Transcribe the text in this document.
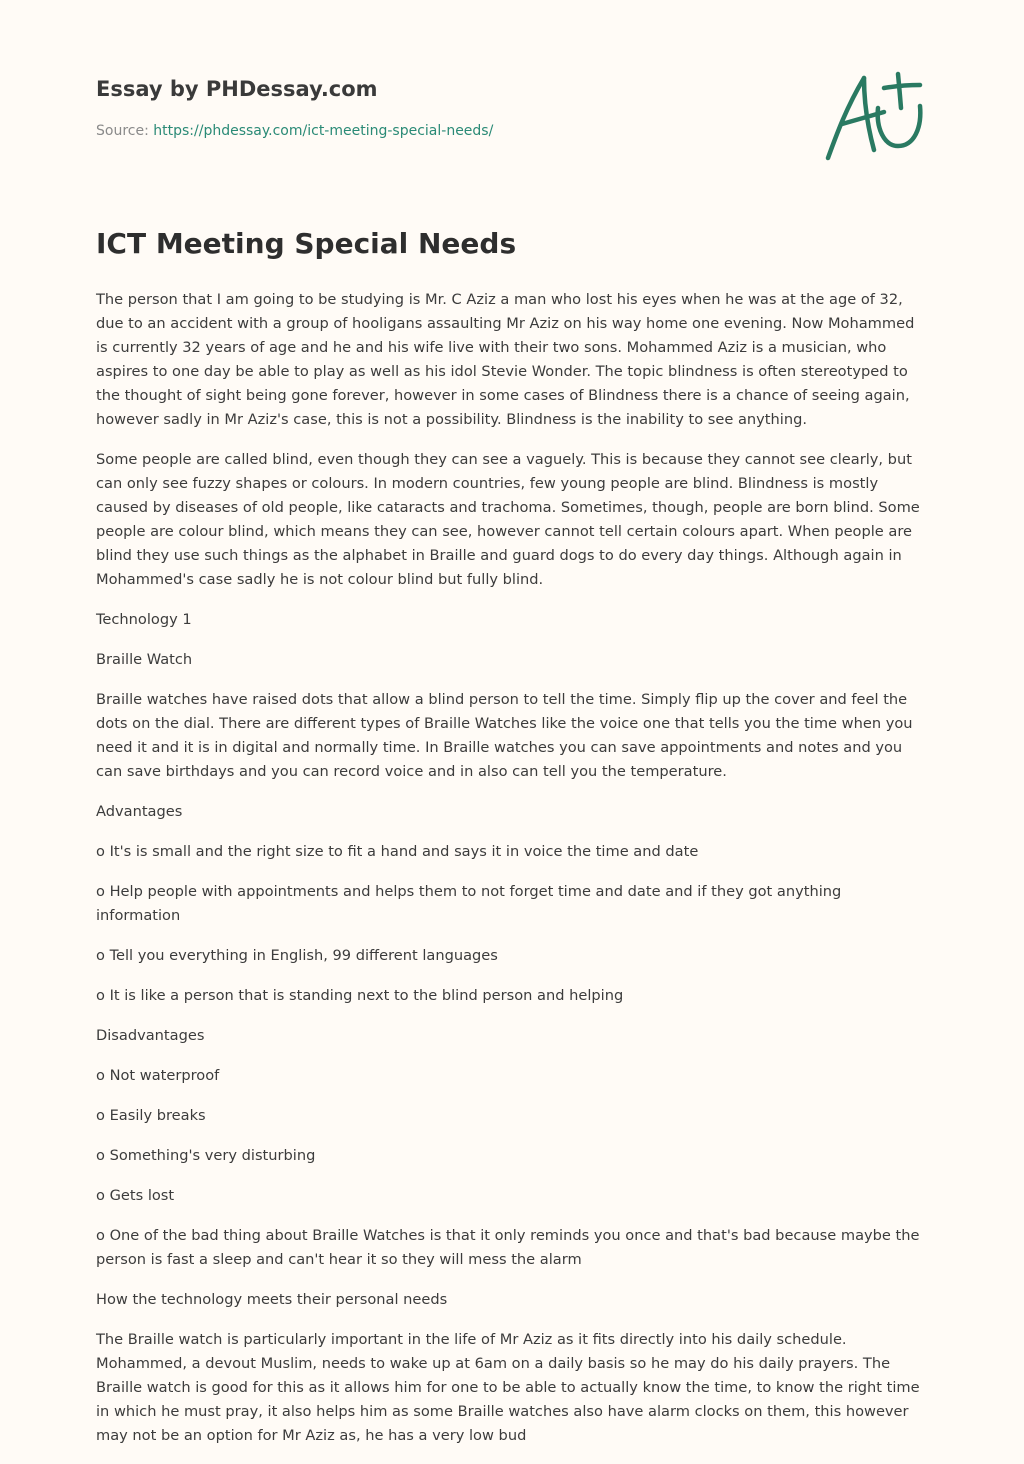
Essay by PHDessay.com
Source: https://phdessay.com/ict-meeting-special-needs/
ICT Meeting Special Needs

The person that I am going to be studying is Mr. C Aziz a man who lost his eyes when he was at the age of 32, due to an accident with a group of hooligans assaulting Mr Aziz on his way home one evening. Now Mohammed is currently 32 years of age and he and his wife live with their two sons. Mohammed Aziz is a musician, who aspires to one day be able to play as well as his idol Stevie Wonder. The topic blindness is often stereotyped to the thought of sight being gone forever, however in some cases of Blindness there is a chance of seeing again, however sadly in Mr Aziz's case, this is not a possibility. Blindness is the inability to see anything.

Some people are called blind, even though they can see a vaguely. This is because they cannot see clearly, but can only see fuzzy shapes or colours. In modern countries, few young people are blind. Blindness is mostly caused by diseases of old people, like cataracts and trachoma. Sometimes, though, people are born blind. Some people are colour blind, which means they can see, however cannot tell certain colours apart. When people are blind they use such things as the alphabet in Braille and guard dogs to do every day things. Although again in Mohammed's case sadly he is not colour blind but fully blind.

Technology 1

Braille Watch

Braille watches have raised dots that allow a blind person to tell the time. Simply flip up the cover and feel the dots on the dial. There are different types of Braille Watches like the voice one that tells you the time when you need it and it is in digital and normally time. In Braille watches you can save appointments and notes and you can save birthdays and you can record voice and in also can tell you the temperature.

Advantages

o It's is small and the right size to fit a hand and says it in voice the time and date

o Help people with appointments and helps them to not forget time and date and if they got anything information

o Tell you everything in English, 99 different languages

o It is like a person that is standing next to the blind person and helping

Disadvantages

o Not waterproof

o Easily breaks

o Something's very disturbing

o Gets lost

o One of the bad thing about Braille Watches is that it only reminds you once and that's bad because maybe the person is fast a sleep and can't hear it so they will mess the alarm

How the technology meets their personal needs

The Braille watch is particularly important in the life of Mr Aziz as it fits directly into his daily schedule. Mohammed, a devout Muslim, needs to wake up at 6am on a daily basis so he may do his daily prayers. The Braille watch is good for this as it allows him for one to be able to actually know the time, to know the right time in which he must pray, it also helps him as some Braille watches also have alarm clocks on them, this however may not be an option for Mr Aziz as, he has a very low bud
